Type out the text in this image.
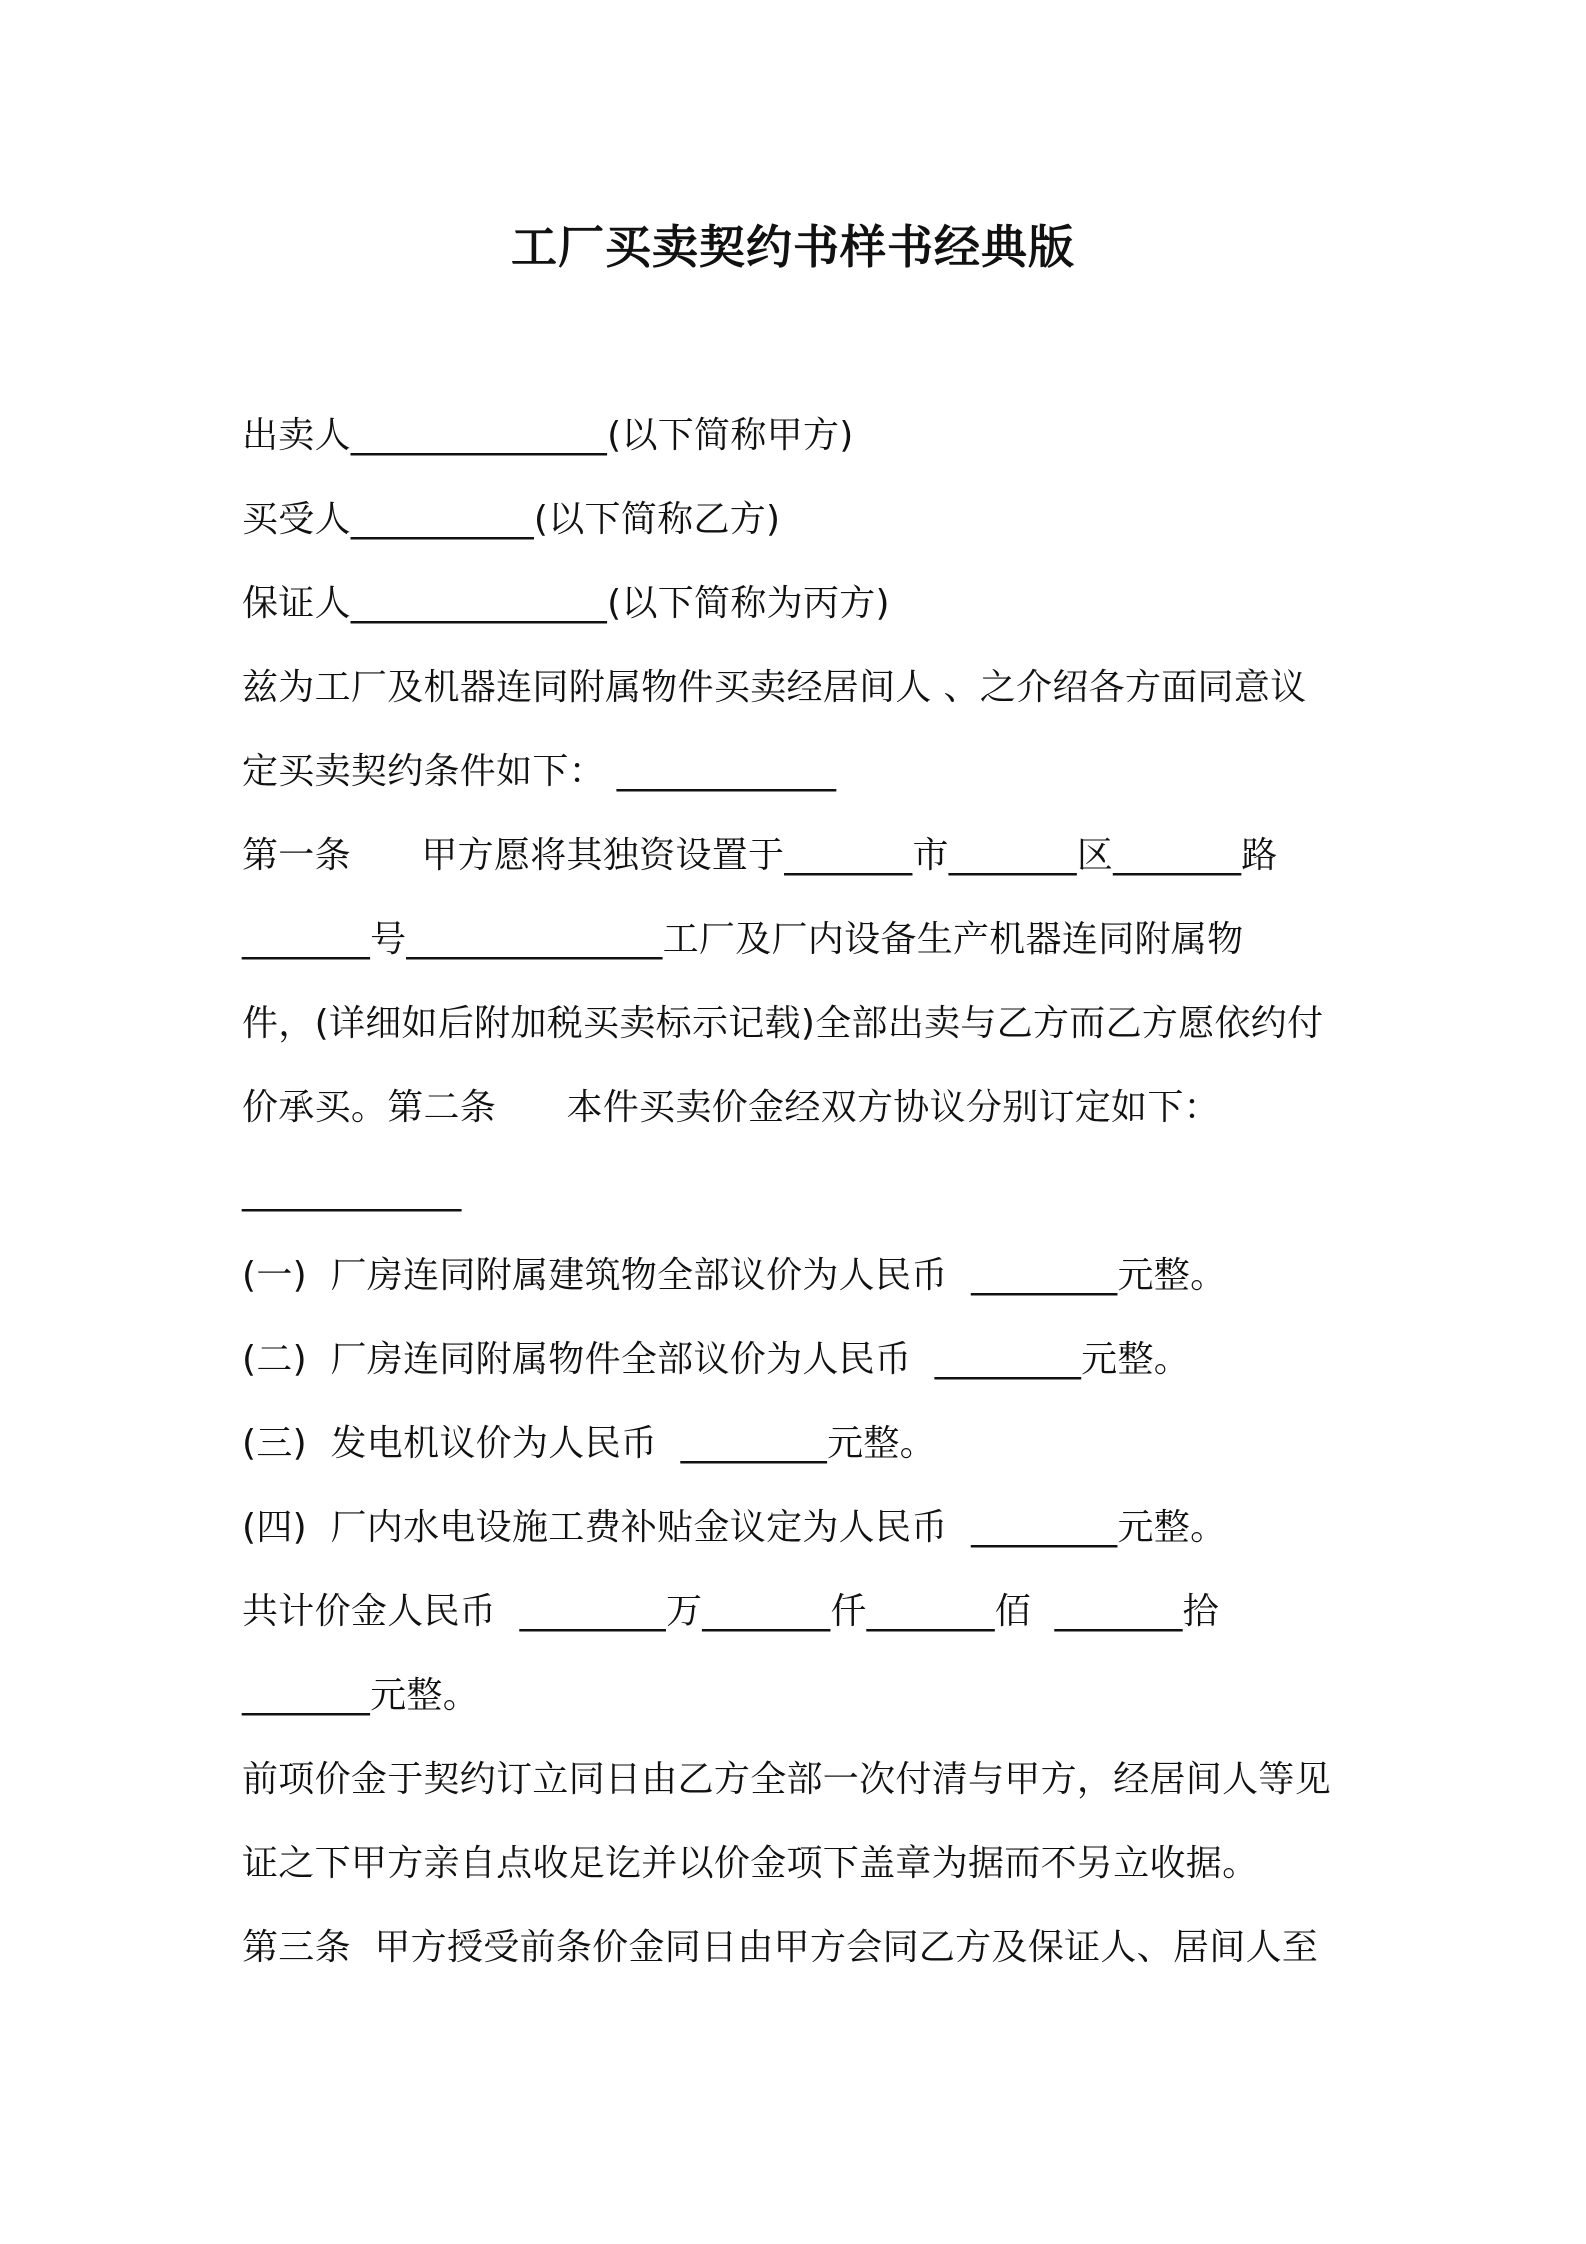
工厂买卖契约书样书经典版
出卖人______________(以下简称甲方)
买受人__________(以下简称乙方)
保证人______________(以下简称为丙方)
兹为工厂及机器连同附属物件买卖经居间人 、之介绍各方面同意议
定买卖契约条件如下： ____________
第一条      甲方愿将其独资设置于_______市_______区_______路
_______号______________工厂及厂内设备生产机器连同附属物
件，(详细如后附加税买卖标示记载)全部出卖与乙方而乙方愿依约付
价承买。第二条      本件买卖价金经双方协议分别订定如下：
____________
(一)  厂房连同附属建筑物全部议价为人民币  ________元整。
(二)  厂房连同附属物件全部议价为人民币  ________元整。
(三)  发电机议价为人民币  ________元整。
(四)  厂内水电设施工费补贴金议定为人民币  ________元整。
共计价金人民币  ________万_______仟_______佰  _______拾
_______元整。
前项价金于契约订立同日由乙方全部一次付清与甲方，经居间人等见
证之下甲方亲自点收足讫并以价金项下盖章为据而不另立收据。
第三条  甲方授受前条价金同日由甲方会同乙方及保证人、居间人至
